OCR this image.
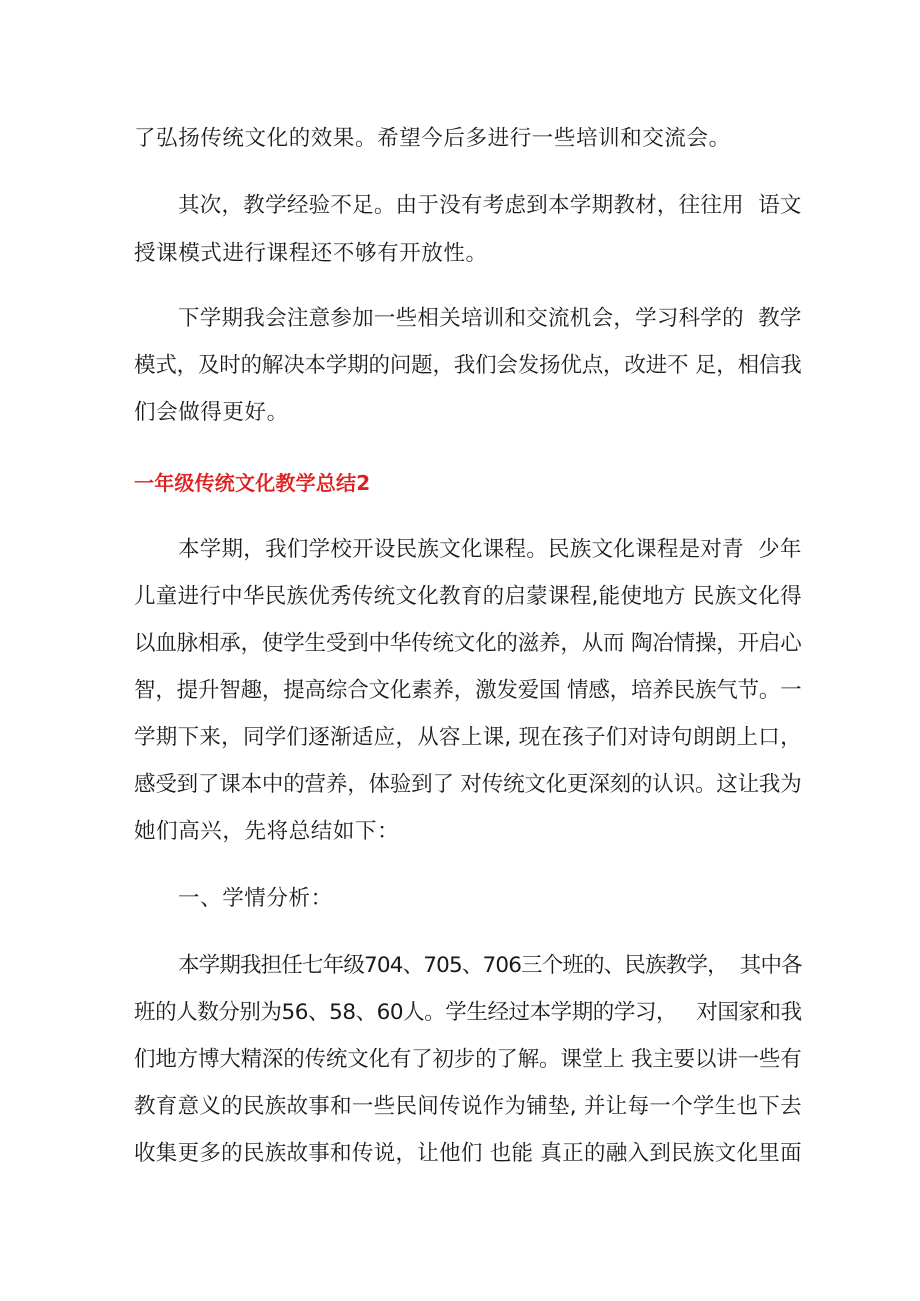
了弘扬传统文化的效果。希望今后多进行一些培训和交流会。

其次，教学经验不足。由于没有考虑到本学期教材，往往用  语文

授课模式进行课程还不够有开放性。

下学期我会注意参加一些相关培训和交流机会，学习科学的  教学

模式，及时的解决本学期的问题，我们会发扬优点，改进不 足，相信我

们会做得更好。

一年级传统文化教学总结2

本学期，我们学校开设民族文化课程。民族文化课程是对青  少年

儿童进行中华民族优秀传统文化教育的启蒙课程,能使地方 民族文化得

以血脉相承，使学生受到中华传统文化的滋养，从而 陶冶情操，开启心

智，提升智趣，提高综合文化素养，激发爱国 情感，培养民族气节。一

学期下来，同学们逐渐适应，从容上课, 现在孩子们对诗句朗朗上口，

感受到了课本中的营养，体验到了 对传统文化更深刻的认识。这让我为

她们高兴，先将总结如下：

一、学情分析：

本学期我担任七年级704、705、706三个班的、民族教学，  其中各

班的人数分别为56、58、60人。学生经过本学期的学习，   对国家和我

们地方博大精深的传统文化有了初步的了解。课堂上 我主要以讲一些有

教育意义的民族故事和一些民间传说作为铺垫, 并让每一个学生也下去

收集更多的民族故事和传说，让他们 也能 真正的融入到民族文化里面
